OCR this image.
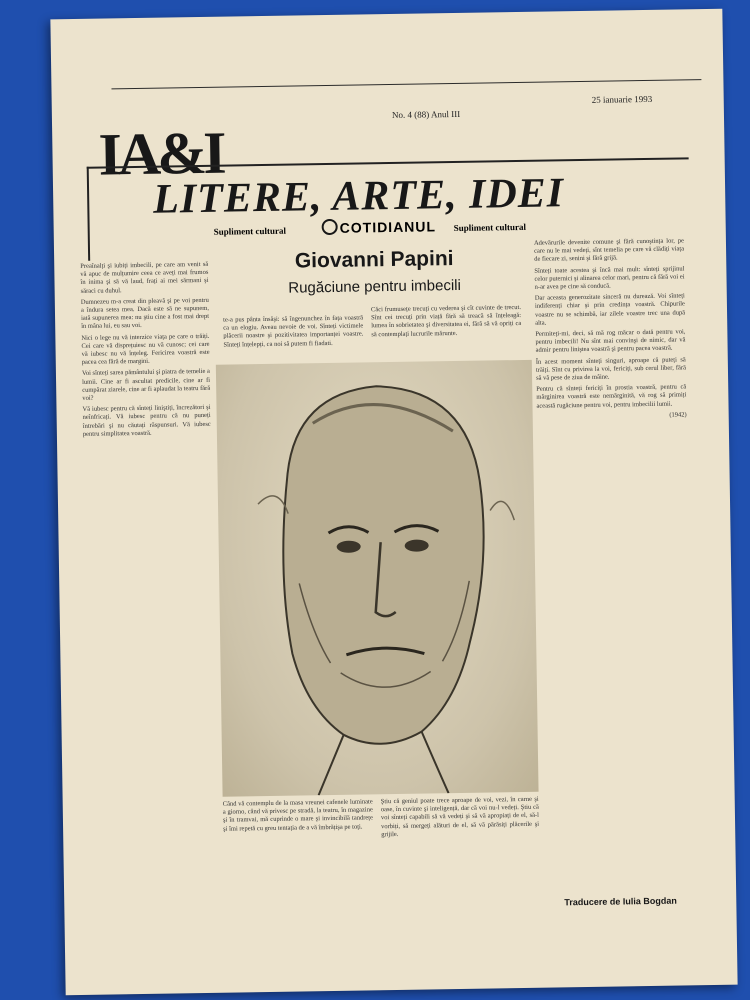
No. 4 (88) Anul III
25 ianuarie 1993
IA&I
LITERE, ARTE, IDEI
Supliment cultural	COTIDIANUL Supliment cultural

Preaînalți şi iubiți imbecili, pe care am venit să vă apuc de mulțumire ceea ce aveți mai frumos în inima şi să vă laud, frați ai mei sărmani şi săraci cu duhul.

Dumnezeu m-a creat din pleavă şi pe voi pentru a îndura setea mea. Dacă este să ne supunem, iată supunerea mea: nu ştiu cine a fost mai drept în mâna lui, eu sau voi.

Nici o lege nu vă interzice viața pe care o trăiți. Cei care vă disprețuiesc nu vă cunosc; cei care vă iubesc nu vă înțeleg. Fericirea voastră este pacea cea fără de margini.

Voi sînteți sarea pământului şi piatra de temelie a lumii. Cine ar fi ascultat predicile, cine ar fi cumpărat ziarele, cine ar fi aplaudat la teatru fără voi?

Vă iubesc pentru că sînteți liniştiți, încrezători şi neînfricați. Vă iubesc pentru că nu puneți întrebări şi nu căutați răspunsuri. Vă iubesc pentru simplitatea voastră.

Giovanni Papini
Rugăciune pentru imbecili
te-a pus pânta însăşi: să îngenunchez în fața voastră ca un elogiu. Aveau nevoie de voi. Sînteți victimele plăcerii noastre şi pozitivitatea importanței voastre. Sînteți înțelepți, ca noi să putem fi fiadati.
Căci frumusețe trecuți cu vederea şi cît cuvinte de trecut. Sînt cei trecuți prin viață fără să treacă să înțeleagă: lumea în sobrietatea şi diversitatea ei, fără să vă opriți ca să contemplați lucrurile mărunte.
Când vă contemplu de la masa vreunei cafenele luminate a giorno, când vă privesc pe stradă, la teatru, în magazine şi în tramvai, mă cuprinde o mare şi invincibilă tandrețe şi îmi repetă cu greu tentația de a vă îmbrățişa pe toți.
Ştiu că geniul poate trece aproape de voi, vezi, în carne şi oase, în cuvinte şi inteligență, dar că voi nu-l vedeți. Ştiu că voi sînteți capabili să vă vedeți şi să vă apropiați de el, să-l vorbiți, să mergeți alături de el, să vă părăsiți plăcerile şi grijile.

Adevărurile devenite comune şi fără cunoştința lor, pe care nu le mai vedeți, sînt temelia pe care vă clădiți viața de fiecare zi, senini şi fără grijă.

Sînteți toate acestea şi încă mai mult: sînteți sprijinul celor puternici şi alinarea celor mari, pentru că fără voi ei n-ar avea pe cine să conducă.

Dar aceasta generozitate sinceră nu durează. Voi sînteți indiferenți chiar şi prin credința voastră. Chipurile voastre nu se schimbă, iar zilele voastre trec una după alta.

Permiteți-mi, deci, să mă rog măcar o dată pentru voi, pentru imbecili! Nu sînt mai convinşi de nimic, dar vă admir pentru liniştea voastră şi pentru pacea voastră.

În acest moment sînteți singuri, aproape că puteți să trăiți. Sînt cu privirea la voi, fericiți, sub cerul liber, fără să vă pese de ziua de mâine.

Pentru că sînteți fericiți în prostia voastră, pentru că mărginirea voastră este nemărginită, vă rog să primiți această rugăciune pentru voi, pentru imbecilii lumii.

(1942)

Traducere de Iulia Bogdan
